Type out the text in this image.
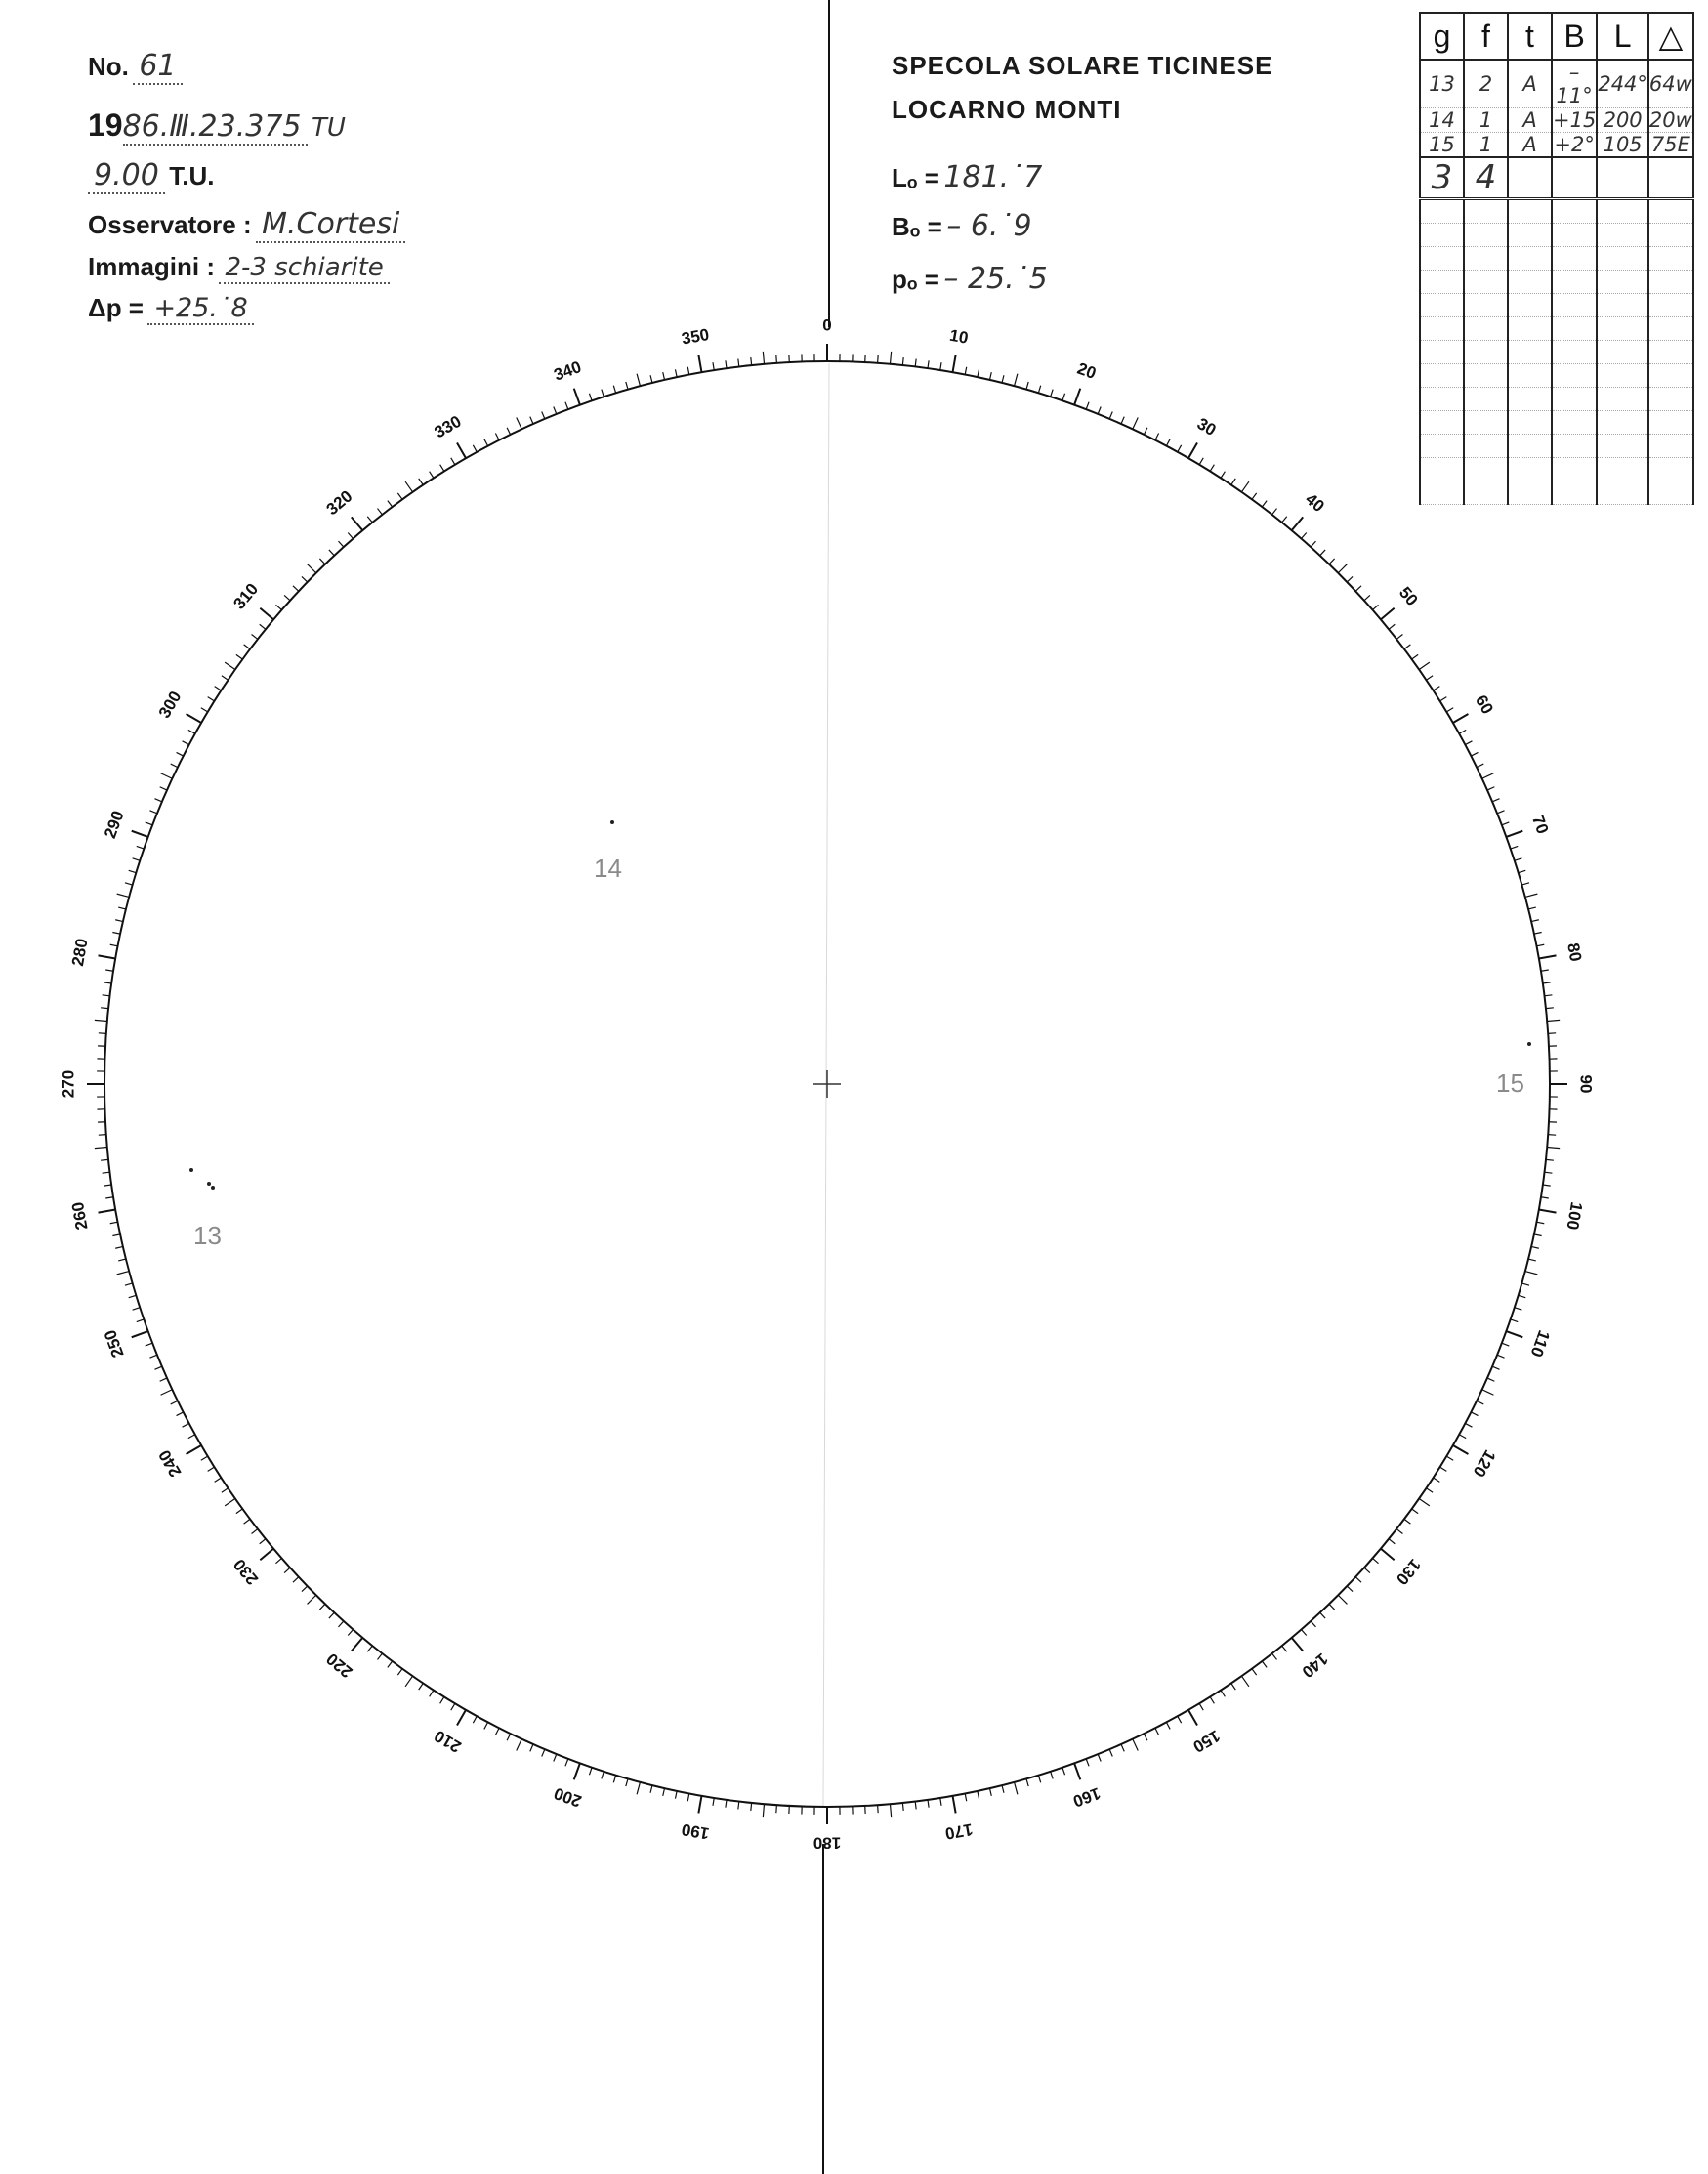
No. 61
1986.Ⅲ.23.375 TU
9.00 T.U.
Osservatore : M.Cortesi
Immagini : 2-3 schiarite
Δp = +25.˙8
SPECOLA SOLARE TICINESE
LOCARNO MONTI
Lₒ = 181.˙7
Bₒ = – 6.˙9
pₒ = – 25.˙5
g	f	t	B	L	△
13	2	A	–11°	244°	64w
14	1	A	+15	200	20w
15	1	A	+2°	105	75E
3	4				

0
10
20
30
40
50
60
70
80
90
100
110
120
130
140
150
160
170
180
190
200
210
220
230
240
250
260
270
280
290
300
310
320
330
340
350
13
14
15
